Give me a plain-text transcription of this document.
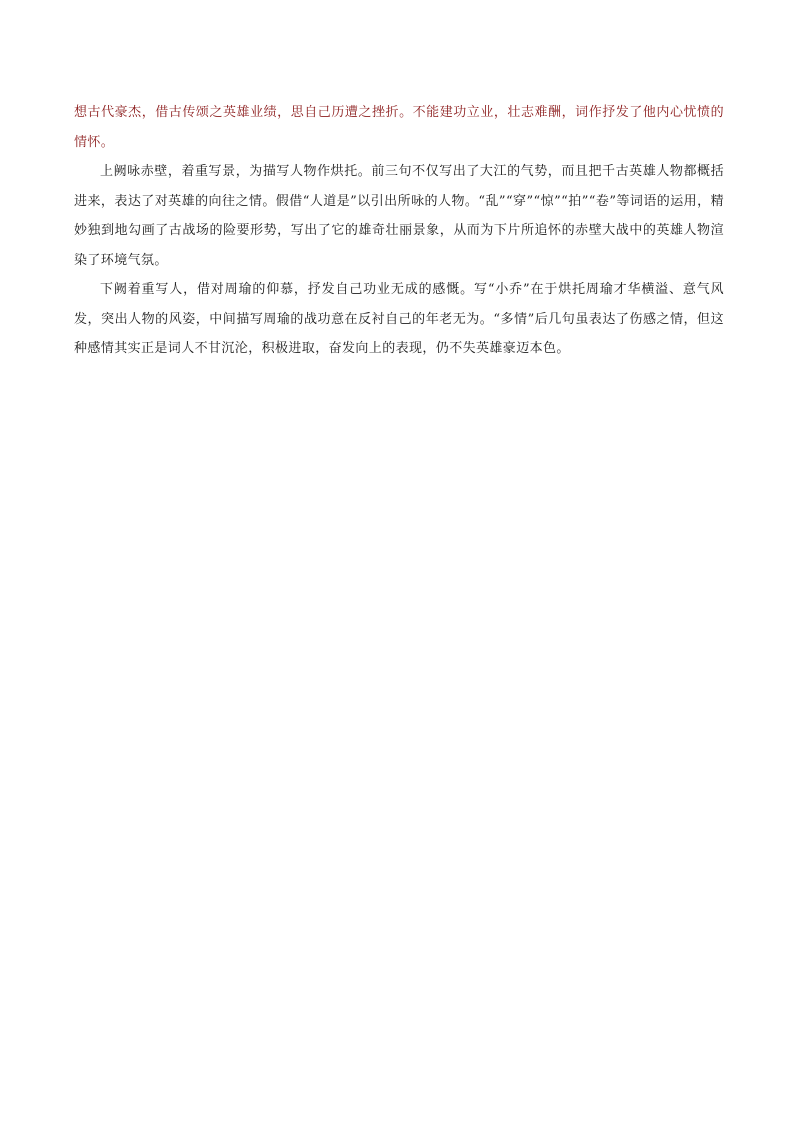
想古代豪杰，借古传颂之英雄业绩，思自己历遭之挫折。不能建功立业，壮志难酬，词作抒发了他内心忧愤的情怀。

上阙咏赤壁，着重写景，为描写人物作烘托。前三句不仅写出了大江的气势，而且把千古英雄人物都概括进来，表达了对英雄的向往之情。假借“人道是”以引出所咏的人物。“乱”“穿”“惊”“拍”“卷”等词语的运用，精妙独到地勾画了古战场的险要形势，写出了它的雄奇壮丽景象，从而为下片所追怀的赤壁大战中的英雄人物渲染了环境气氛。

下阙着重写人，借对周瑜的仰慕，抒发自己功业无成的感慨。写“小乔”在于烘托周瑜才华横溢、意气风发，突出人物的风姿，中间描写周瑜的战功意在反衬自己的年老无为。“多情”后几句虽表达了伤感之情，但这种感情其实正是词人不甘沉沦，积极进取，奋发向上的表现，仍不失英雄豪迈本色。
